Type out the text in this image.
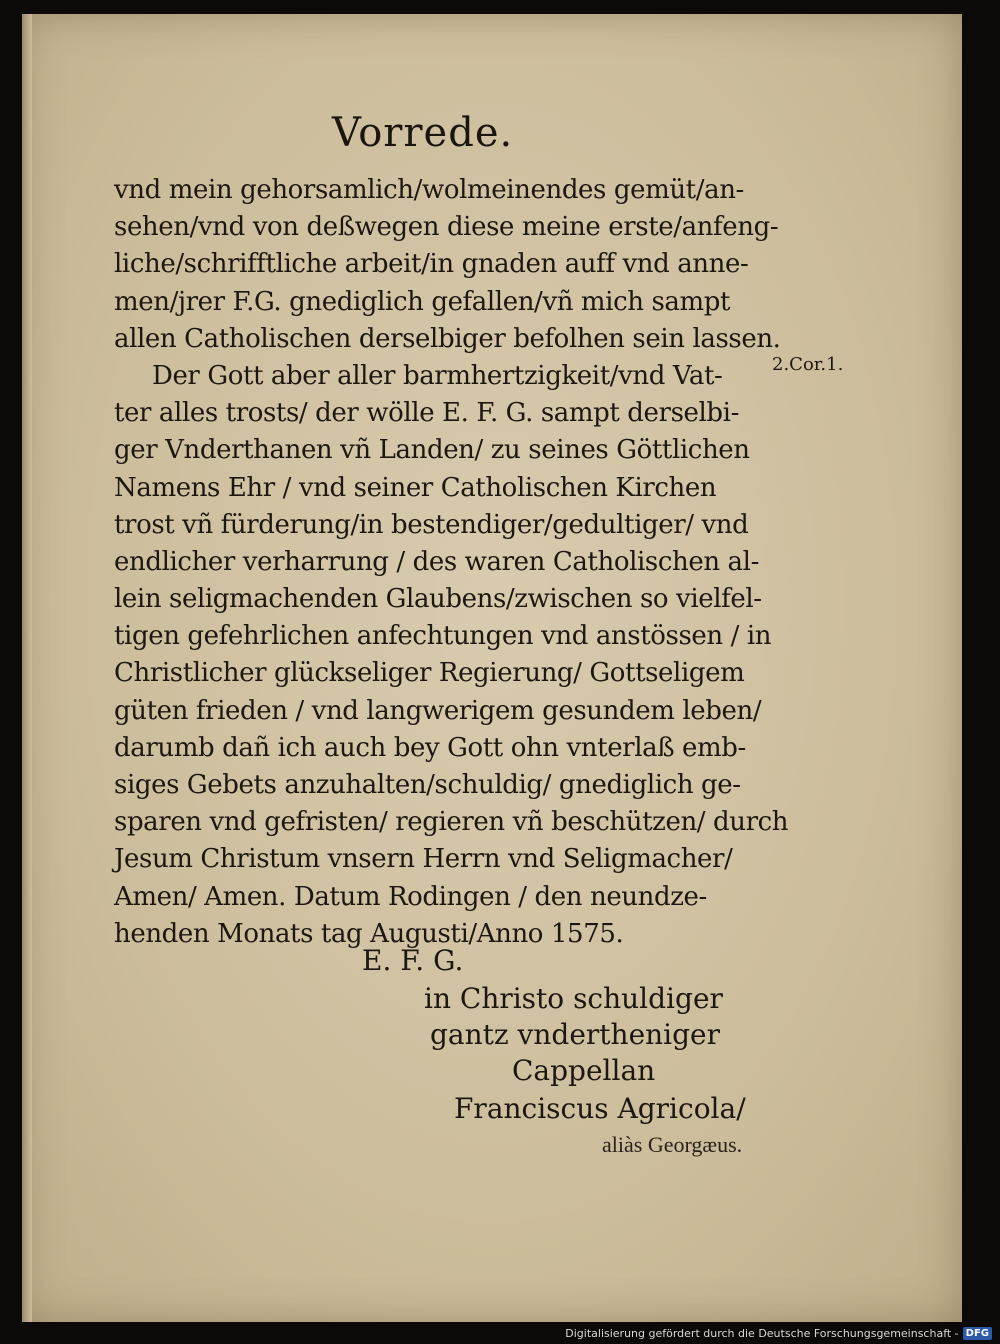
Vorrede.
vnd mein gehorsamlich/wolmeinendes gemüt/an-
sehen/vnd von deßwegen diese meine erste/anfeng-
liche/schrifftliche arbeit/in gnaden auff vnd anne-
men/jrer F.G. gnediglich gefallen/vñ mich sampt
allen Catholischen derselbiger befolhen sein lassen.
Der Gott aber aller barmhertzigkeit/vnd Vat-
ter alles trosts/ der wölle E. F. G. sampt derselbi-
ger Vnderthanen vñ Landen/ zu seines Göttlichen
Namens Ehr / vnd seiner Catholischen Kirchen
trost vñ fürderung/in bestendiger/gedultiger/ vnd
endlicher verharrung / des waren Catholischen al-
lein seligmachenden Glaubens/zwischen so vielfel-
tigen gefehrlichen anfechtungen vnd anstössen / in
Christlicher glückseliger Regierung/ Gottseligem
güten frieden / vnd langwerigem gesundem leben/
darumb dañ ich auch bey Gott ohn vnterlaß emb-
siges Gebets anzuhalten/schuldig/ gnediglich ge-
sparen vnd gefristen/ regieren vñ beschützen/ durch
Jesum Christum vnsern Herrn vnd Seligmacher/
Amen/ Amen. Datum Rodingen / den neundze-
henden Monats tag Augusti/Anno 1575.
2.Cor.1.
E. F. G.
in Christo schuldiger
gantz vndertheniger
Cappellan
Franciscus Agricola/
aliàs Georgæus.
Digitalisierung gefördert durch die Deutsche Forschungsgemeinschaft - DFG
